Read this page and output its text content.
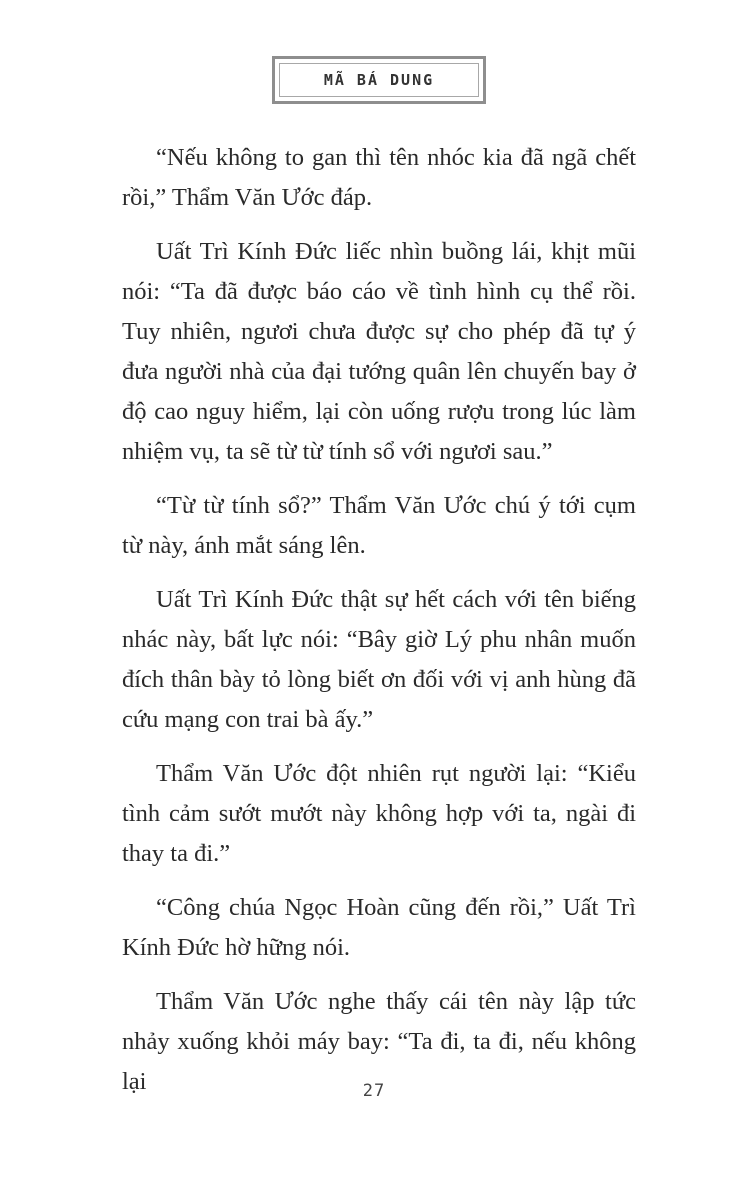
MÃ BÁ DUNG

“Nếu không to gan thì tên nhóc kia đã ngã chết rồi,” Thẩm Văn Ước đáp.

Uất Trì Kính Đức liếc nhìn buồng lái, khịt mũi nói: “Ta đã được báo cáo về tình hình cụ thể rồi. Tuy nhiên, ngươi chưa được sự cho phép đã tự ý đưa người nhà của đại tướng quân lên chuyến bay ở độ cao nguy hiểm, lại còn uống rượu trong lúc làm nhiệm vụ, ta sẽ từ từ tính sổ với ngươi sau.”

“Từ từ tính sổ?” Thẩm Văn Ước chú ý tới cụm từ này, ánh mắt sáng lên.

Uất Trì Kính Đức thật sự hết cách với tên biếng nhác này, bất lực nói: “Bây giờ Lý phu nhân muốn đích thân bày tỏ lòng biết ơn đối với vị anh hùng đã cứu mạng con trai bà ấy.”

Thẩm Văn Ước đột nhiên rụt người lại: “Kiểu tình cảm sướt mướt này không hợp với ta, ngài đi thay ta đi.”

“Công chúa Ngọc Hoàn cũng đến rồi,” Uất Trì Kính Đức hờ hững nói.

Thẩm Văn Ước nghe thấy cái tên này lập tức nhảy xuống khỏi máy bay: “Ta đi, ta đi, nếu không lại	27
